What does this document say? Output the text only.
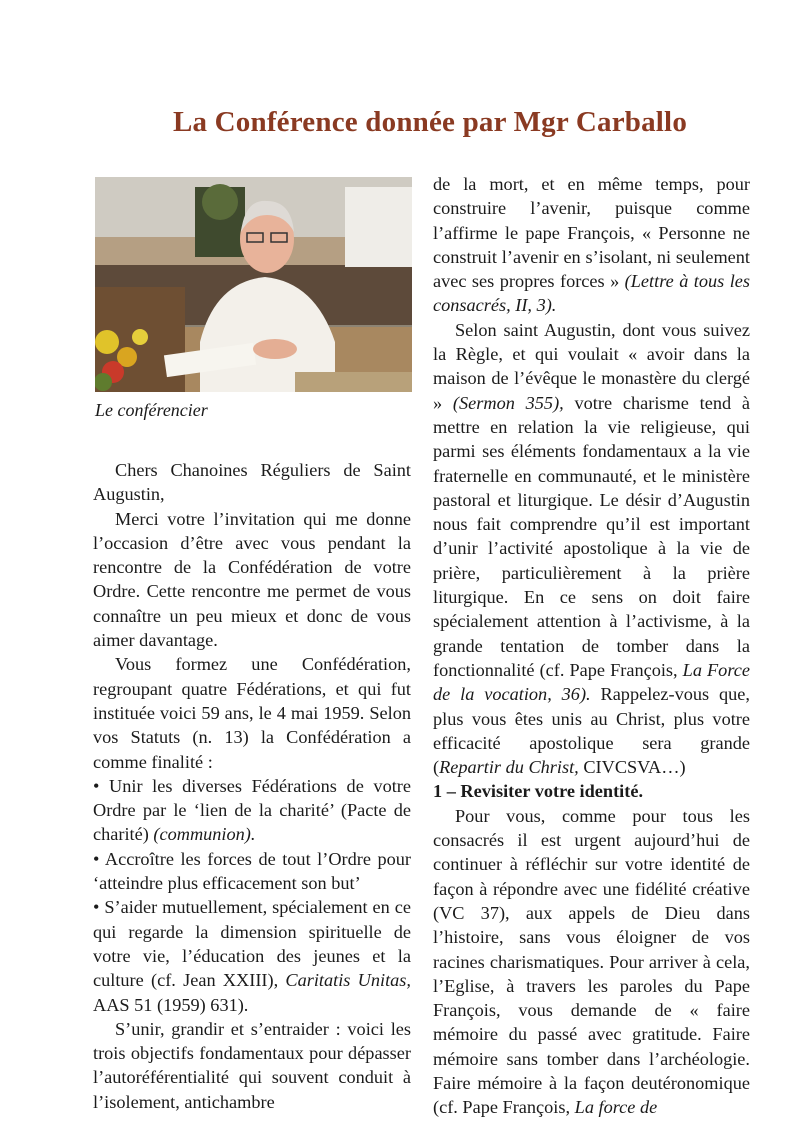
La Conférence donnée par Mgr Carballo
Le conférencier

Chers Chanoines Réguliers de Saint Augustin,

Merci votre l’invitation qui me donne l’occasion d’être avec vous pendant la rencontre de la Confédération de votre Ordre. Cette rencontre me permet de vous connaître un peu mieux et donc de vous aimer davantage.

Vous formez une Confédération, regroupant quatre Fédérations, et qui fut instituée voici 59 ans, le 4 mai 1959. Selon vos Statuts (n. 13) la Confédération a comme finalité :

• Unir les diverses Fédérations de votre Ordre par le ‘lien de la charité’ (Pacte de charité) (communion).

• Accroître les forces de tout l’Ordre pour ‘atteindre plus efficacement son but’

• S’aider mutuellement, spécialement en ce qui regarde la dimension spirituelle de votre vie, l’éducation des jeunes et la culture (cf. Jean XXIII), Caritatis Unitas, AAS 51 (1959) 631).

S’unir, grandir et s’entraider : voici les trois objectifs fondamentaux pour dépasser l’autoréférentialité qui souvent conduit à l’isolement, antichambre

de la mort, et en même temps, pour construire l’avenir, puisque comme l’affirme le pape François, « Personne ne construit l’avenir en s’isolant, ni seulement avec ses propres forces » (Lettre à tous les consacrés, II, 3).

Selon saint Augustin, dont vous suivez la Règle, et qui voulait « avoir dans la maison de l’évêque le monastère du clergé » (Sermon 355), votre charisme tend à mettre en relation la vie religieuse, qui parmi ses éléments fondamentaux a la vie fraternelle en communauté, et le ministère pastoral et liturgique. Le désir d’Augustin nous fait comprendre qu’il est important d’unir l’activité apostolique à la vie de prière, particulièrement à la prière liturgique. En ce sens on doit faire spécialement attention à l’activisme, à la grande tentation de tomber dans la fonctionnalité (cf. Pape François, La Force de la vocation, 36). Rappelez-vous que, plus vous êtes unis au Christ, plus votre efficacité apostolique sera grande (Repartir du Christ, CIVCSVA…)

1 – Revisiter votre identité.

Pour vous, comme pour tous les consacrés il est urgent aujourd’hui de continuer à réfléchir sur votre identité de façon à répondre avec une fidélité créative (VC 37), aux appels de Dieu dans l’histoire, sans vous éloigner de vos racines charismatiques. Pour arriver à cela, l’Eglise, à travers les paroles du Pape François, vous demande de « faire mémoire du passé avec gratitude. Faire mémoire sans tomber dans l’archéologie. Faire mémoire à la façon deutéronomique (cf. Pape François, La force de
